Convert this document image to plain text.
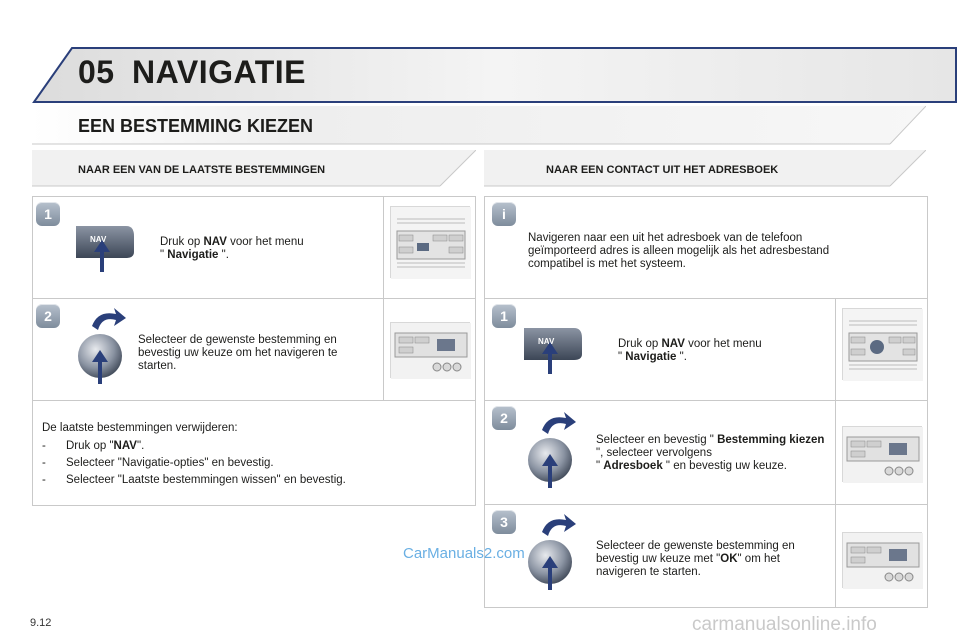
05 NAVIGATIE
EEN BESTEMMING KIEZEN
NAAR EEN VAN DE LAATSTE BESTEMMINGEN	NAAR EEN CONTACT UIT HET ADRESBOEK
1
NAV	Druk op NAV voor het menu
" Navigatie ".
2
Selecteer de gewenste bestemming en bevestig uw keuze om het navigeren te starten.
De laatste bestemmingen verwijderen:
- Druk op "NAV".
- Selecteer "Navigatie-opties" en bevestig.
- Selecteer "Laatste bestemmingen wissen" en bevestig.
i
Navigeren naar een uit het adresboek van de telefoon geïmporteerd adres is alleen mogelijk als het adresbestand compatibel is met het systeem.
1
NAV	Druk op NAV voor het menu
" Navigatie ".
2
Selecteer en bevestig " Bestemming kiezen ", selecteer vervolgens
" Adresboek " en bevestig uw keuze.
3
Selecteer de gewenste bestemming en bevestig uw keuze met "OK" om het navigeren te starten.
9.12
CarManuals2.com
carmanualsonline.info
